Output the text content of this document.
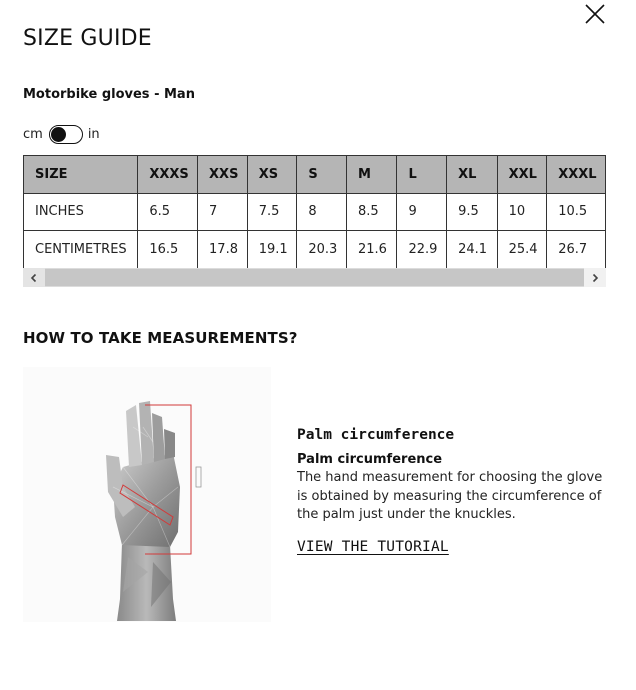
SIZE GUIDE
Motorbike gloves - Man
cm	in
SIZE	XXXS	XXS	XS	S	M	L	XL	XXL	XXXL
INCHES	6.5	7	7.5	8	8.5	9	9.5	10	10.5
CENTIMETRES	16.5	17.8	19.1	20.3	21.6	22.9	24.1	25.4	26.7
HOW TO TAKE MEASUREMENTS?
Palm circumference
Palm circumference
The hand measurement for choosing the glove is obtained by measuring the circumference of the palm just under the knuckles.
VIEW THE TUTORIAL
